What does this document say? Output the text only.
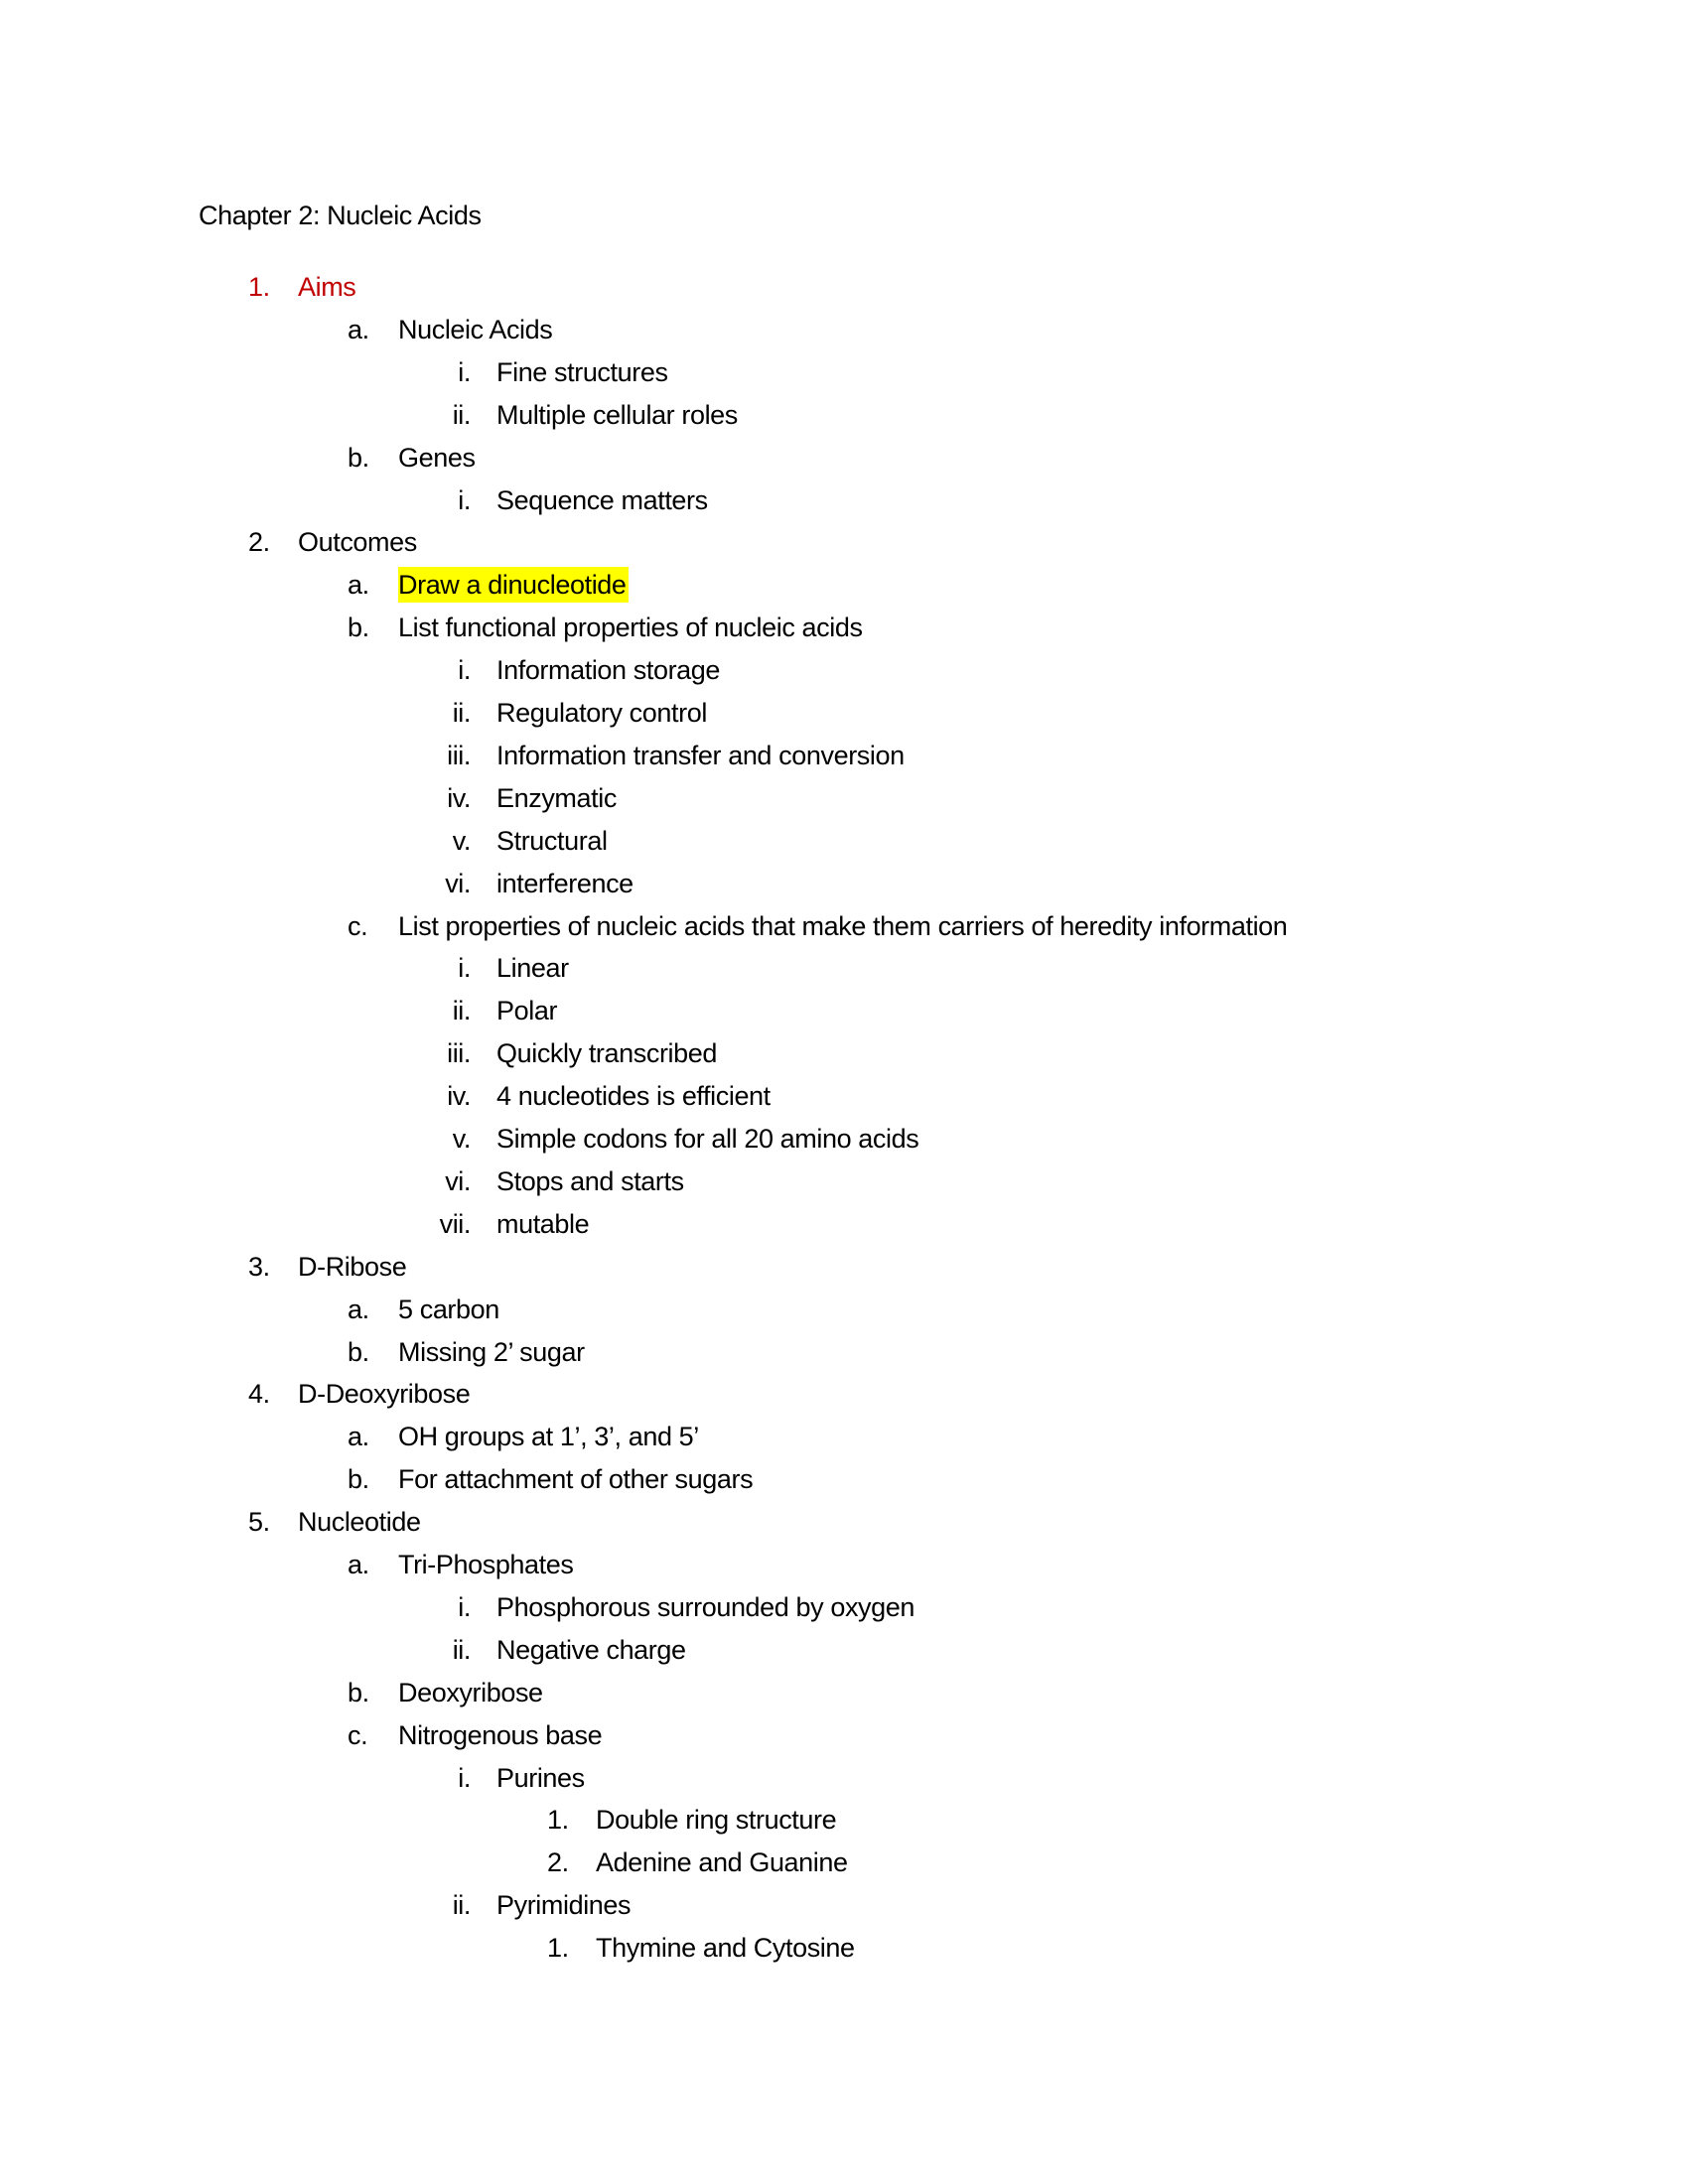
Chapter 2: Nucleic Acids
1. Aims
a. Nucleic Acids
i. Fine structures
ii. Multiple cellular roles
b. Genes
i. Sequence matters
2. Outcomes
a. Draw a dinucleotide
b. List functional properties of nucleic acids
i. Information storage
ii. Regulatory control
iii. Information transfer and conversion
iv. Enzymatic
v. Structural
vi. interference
c. List properties of nucleic acids that make them carriers of heredity information
i. Linear
ii. Polar
iii. Quickly transcribed
iv. 4 nucleotides is efficient
v. Simple codons for all 20 amino acids
vi. Stops and starts
vii. mutable
3. D-Ribose
a. 5 carbon
b. Missing 2’ sugar
4. D-Deoxyribose
a. OH groups at 1’, 3’, and 5’
b. For attachment of other sugars
5. Nucleotide
a. Tri-Phosphates
i. Phosphorous surrounded by oxygen
ii. Negative charge
b. Deoxyribose
c. Nitrogenous base
i. Purines
1. Double ring structure
2. Adenine and Guanine
ii. Pyrimidines
1. Thymine and Cytosine
